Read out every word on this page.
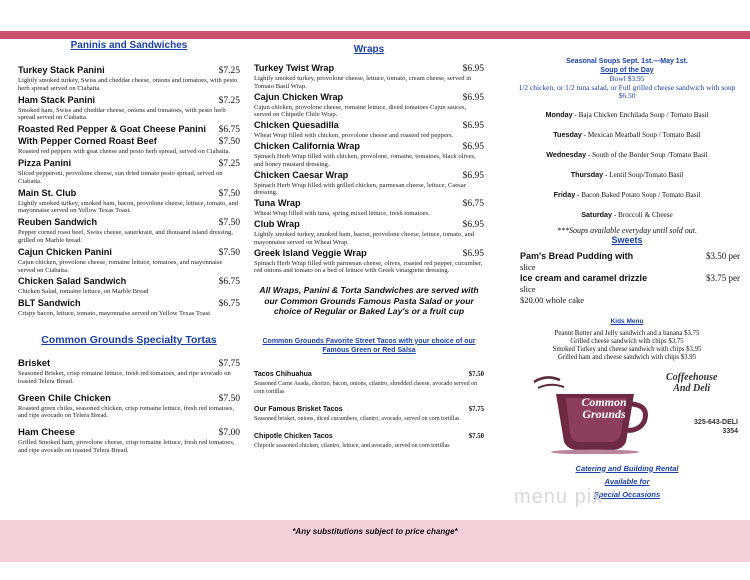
Paninis and Sandwiches
Turkey Stack Panini	$7.25
Lightly smoked turkey, Swiss and cheddar cheese, onions and tomatoes, with pesto herb spread served on Ciabatta.
Ham Stack Panini	$7.25
Smoked ham, Swiss and cheddar cheese, onions and tomatoes, with pesto herb spread served on Ciabatta.
Roasted Red Pepper & Goat Cheese Panini $6.75
With Pepper Corned Roast Beef	$7.50
Roasted red peppers with goat cheese and pesto herb spread, served on Ciabatta.
Pizza Panini	$7.25
Sliced pepperoni, provolone cheese, sun dried tomato pesto spread, served on Ciabatta.
Main St. Club	$7.50
Lightly smoked turkey, smoked ham, bacon, provolone cheese, lettuce, tomato, and mayonnaise served on Yellow Texas Toast.
Reuben Sandwich	$7.50
Pepper corned roast beef, Swiss cheese, sauerkraut, and thousand island dressing, grilled on Marble bread.
Cajun Chicken Panini	$7.50
Cajun chicken, provolone cheese, romaine lettuce, tomatoes, and mayonnaise served on Ciabatta.
Chicken Salad Sandwich	$6.75
Chicken Salad, romaine lettuce, on Marble Bread
BLT Sandwich	$6.75
Crispy bacon, lettuce, tomato, mayonnaise served on Yellow Texas Toast
Common Grounds Specialty Tortas
Brisket	$7.75
Seasoned Brisket, crisp romaine lettuce, fresh red tomatoes, and ripe avocado on toasted Telera Bread.
Green Chile Chicken	$7.50
Roasted green chiles, seasoned chicken, crisp romaine lettuce, fresh red tomatoes, and ripe avocado on Telera Bread.
Ham Cheese	$7.00
Grilled Smoked ham, provolone cheese, crisp romaine lettuce, fresh red tomatoes, and ripe avocado on toasted Telera Bread.
Wraps
Turkey Twist Wrap	$6.95
Lightly smoked turkey, provolone cheese, lettuce, tomato, cream cheese, served in Tomato Basil Wrap.
Cajun Chicken Wrap	$6.95
Cajun chicken, provolone cheese, romaine lettuce, diced tomatoes Cajun sauces, served on Chipotle Chile Wrap.
Chicken Quesadilla	$6.95
Wheat Wrap filled with chicken, provolone cheese and roasted red peppers.
Chicken California Wrap	$6.95
Spinach Herb Wrap filled with chicken, provolone, romaine, tomatoes, black olives, and honey mustard dressing.
Chicken Caesar Wrap	$6.95
Spinach Herb Wrap filled with grilled chicken, parmesan cheese, lettuce, Caesar dressing.
Tuna Wrap	$6.75
Wheat Wrap filled with tuna, spring mixed lettuce, fresh tomatoes.
Club Wrap	$6.95
Lightly smoked turkey, smoked ham, bacon, provolone cheese, lettuce, tomato, and mayonnaise served on Wheat Wrap.
Greek Island Veggie Wrap	$6.95
Spinach Herb Wrap filled with parmesan cheese, olives, roasted red pepper, cucumber, red onions and tomato on a bed of lettuce with Greek vinaigrette dressing.
All Wraps, Panini & Torta Sandwiches are served with our Common Grounds Famous Pasta Salad or your choice of Regular or Baked Lay's or a fruit cup
Common Grounds Favorite Street Tacos with your choice of our Famous Green or Red Salsa
Tacos Chihuahua	$7.50
Seasoned Carne Asada, chorizo, bacon, onions, cilantro, shredded cheese, avocado served on corn tortillas
Our Famous Brisket Tacos	$7.75
Seasoned brisket, onions, diced cucumbers, cilantro, avocado, served on corn tortillas
Chipotle Chicken Tacos	$7.50
Chipotle seasoned chicken, cilantro, lettuce, and avocado, served on corn tortillas
Seasonal Soups Sept. 1st.—May 1st.
Soup of the Day
Bowl $3.95
1/2 chicken, or 1/2 tuna salad, or Full grilled cheese sandwich with soup $6.50
Monday - Baja Chicken Enchilada Soup / Tomato Basil
Tuesday - Mexican Meatball Soup / Tomato Basil
Wednesday - South of the Border Soup /Tomato Basil
Thursday - Lentil Soup/Tomato Basil
Friday - Bacon Baked Potato Soup / Tomato Basil
Saturday - Broccoli & Cheese
***Soups available everyday until sold out.
Sweets
Pam's Bread Pudding with	$3.50 per
slice
Ice cream and caramel drizzle	$3.75 per
slice
$20.00 whole cake
Kids Menu
Peanut Butter and Jelly sandwich and a banana $3.75
Grilled cheese sandwich with chips $3.75
Smoked Turkey and cheese sandwich with chips $3.95
Grilled ham and cheese sandwich with chips $3.95
Common
Grounds
Coffeehouse
And Deli
325-643-DELI
3354
Catering and Building Rental
Available for
Special Occasions
menu pix
*Any substitutions subject to price change*
